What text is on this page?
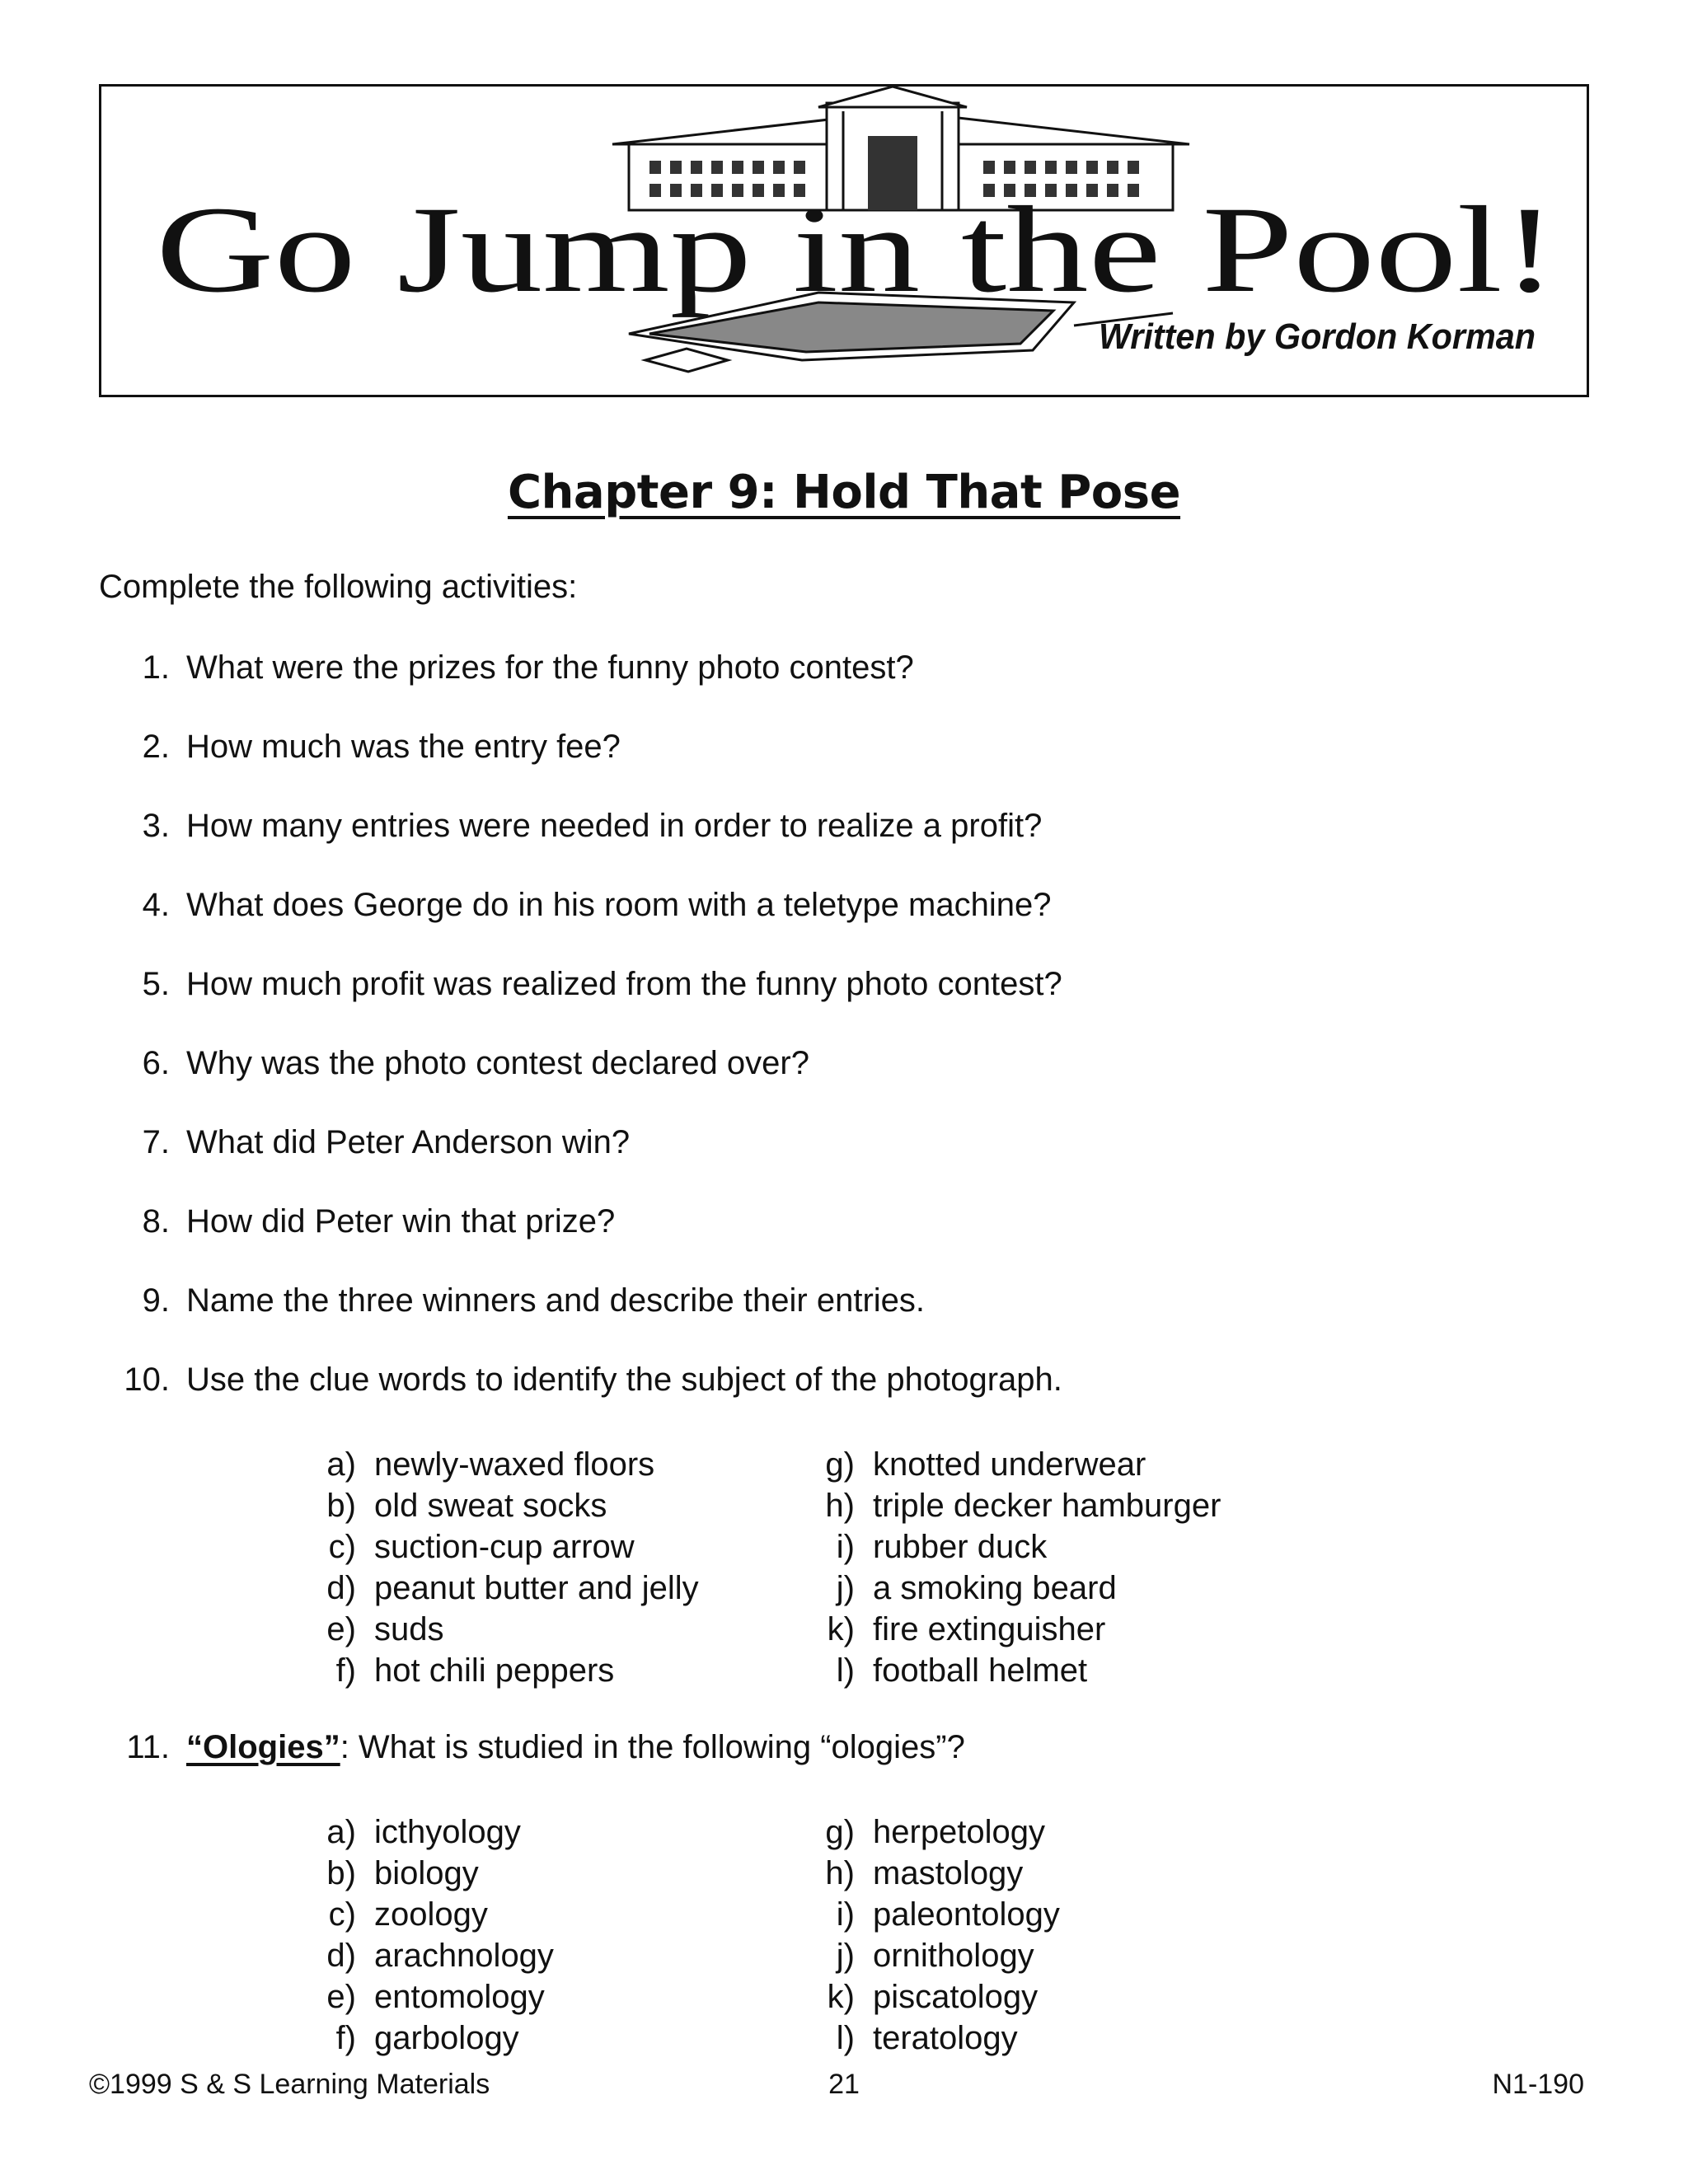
Go Jump in the Pool!
Written by Gordon Korman
Chapter 9: Hold That Pose
Complete the following activities:
1. What were the prizes for the funny photo contest?
2. How much was the entry fee?
3. How many entries were needed in order to realize a profit?
4. What does George do in his room with a teletype machine?
5. How much profit was realized from the funny photo contest?
6. Why was the photo contest declared over?
7. What did Peter Anderson win?
8. How did Peter win that prize?
9. Name the three winners and describe their entries.
10. Use the clue words to identify the subject of the photograph.
a) newly-waxed floors
b) old sweat socks
c) suction-cup arrow
d) peanut butter and jelly
e) suds
f) hot chili peppers
g) knotted underwear
h) triple decker hamburger
i) rubber duck
j) a smoking beard
k) fire extinguisher
l) football helmet
11. “Ologies”: What is studied in the following “ologies”?
a) icthyology
b) biology
c) zoology
d) arachnology
e) entomology
f) garbology
g) herpetology
h) mastology
i) paleontology
j) ornithology
k) piscatology
l) teratology
©1999 S & S Learning Materials	21	N1-190
